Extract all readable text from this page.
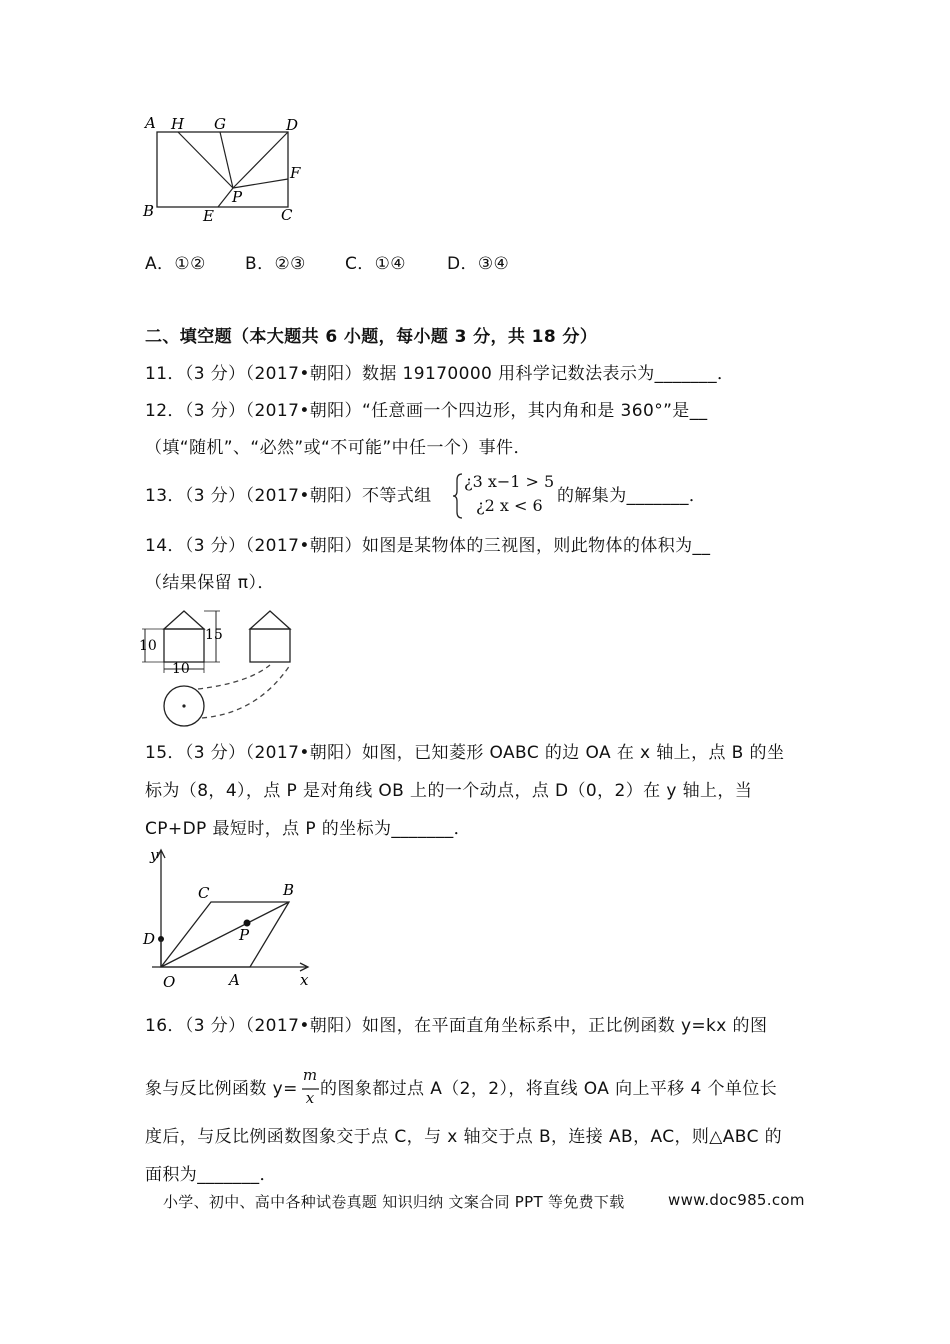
A H G	D
F
P
B	E	C
A．①② B．②③ C．①④ D．③④
二、填空题（本大题共 6 小题，每小题 3 分，共 18 分）
11．（3 分）（2017•朝阳）数据 19170000 用科学记数法表示为_______．
12．（3 分）（2017•朝阳）“任意画一个四边形，其内角和是 360°”是__
（填“随机”、“必然”或“不可能”中任一个）事件．
13．（3 分）（2017•朝阳）不等式组
¿3 x−1 > 5
¿2 x < 6 的解集为_______．
14．（3 分）（2017•朝阳）如图是某物体的三视图，则此物体的体积为__
（结果保留 π）．
10
15
10
15．（3 分）（2017•朝阳）如图，已知菱形 OABC 的边 OA 在 x 轴上，点 B 的坐
标为（8，4），点 P 是对角线 OB 上的一个动点，点 D（0，2）在 y 轴上，当
CP+DP 最短时，点 P 的坐标为_______．
y
x
C	B
D	P
O	A
16．（3 分）（2017•朝阳）如图，在平面直角坐标系中，正比例函数 y=kx 的图
象与反比例函数 y=
m
x 的图象都过点 A（2，2），将直线 OA 向上平移 4 个单位长
度后，与反比例函数图象交于点 C，与 x 轴交于点 B，连接 AB，AC，则△ABC 的
面积为_______．
小学、初中、高中各种试卷真题 知识归纳 文案合同 PPT 等免费下载	www.doc985.com
